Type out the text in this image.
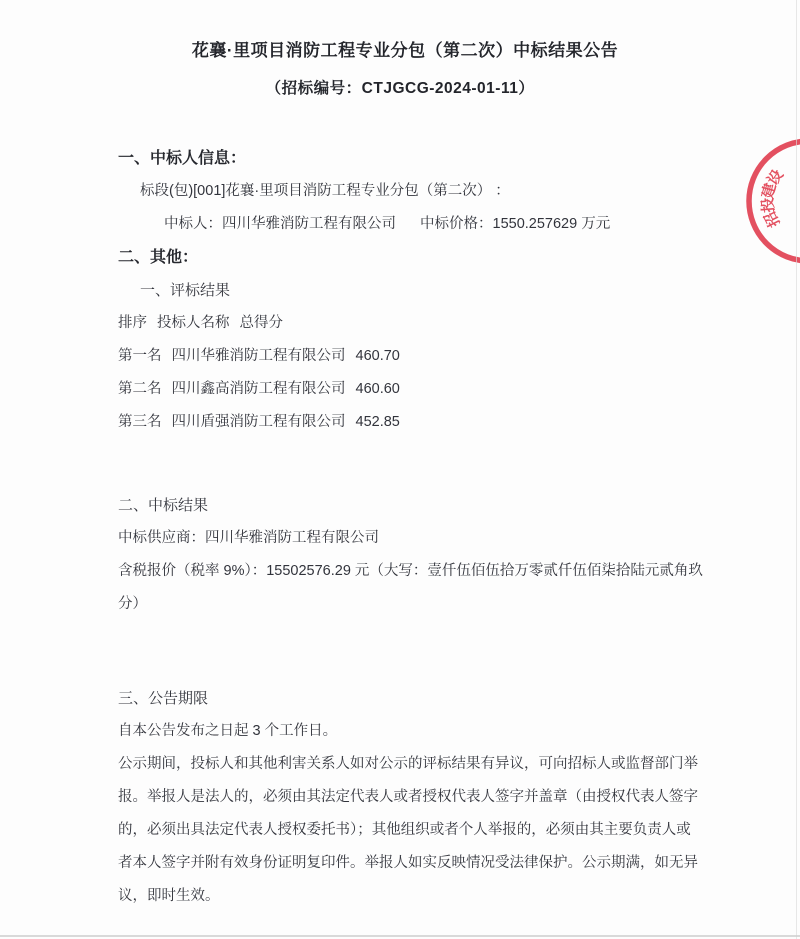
花襄·里项目消防工程专业分包（第二次）中标结果公告
（招标编号：CTJGCG-2024-01-11）
一、中标人信息：
标段(包)[001]花襄·里项目消防工程专业分包（第二次） ：
中标人：四川华雅消防工程有限公司 中标价格：1550.257629 万元
二、其他：
一、评标结果
排序 投标人名称 总得分
第一名 四川华雅消防工程有限公司 460.70
第二名 四川鑫高消防工程有限公司 460.60
第三名 四川盾强消防工程有限公司 452.85
二、中标结果
中标供应商：四川华雅消防工程有限公司
含税报价（税率 9%）：15502576.29 元（大写：壹仟伍佰伍拾万零贰仟伍佰柒拾陆元贰角玖
分）
三、公告期限
自本公告发布之日起 3 个工作日。
公示期间，投标人和其他利害关系人如对公示的评标结果有异议，可向招标人或监督部门举
报。举报人是法人的，必须由其法定代表人或者授权代表人签字并盖章（由授权代表人签字
的，必须出具法定代表人授权委托书）；其他组织或者个人举报的，必须由其主要负责人或
者本人签字并附有效身份证明复印件。举报人如实反映情况受法律保护。公示期满，如无异
议，即时生效。
设
建
投
招
